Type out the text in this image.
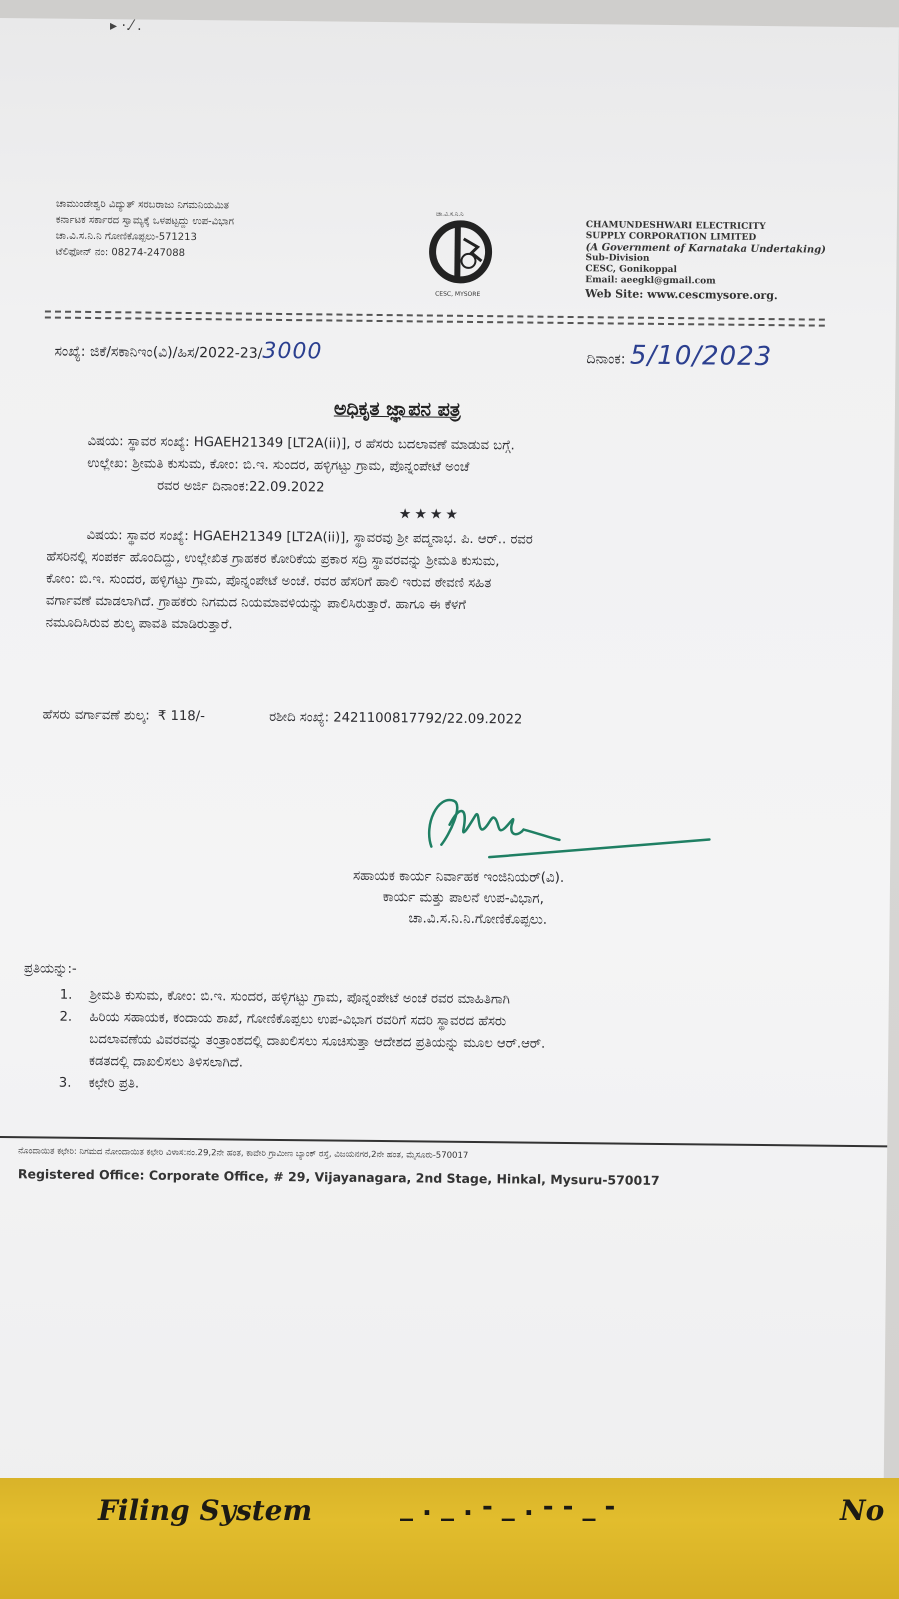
ಚಾಮುಂಡೇಶ್ವರಿ ವಿದ್ಯುತ್ ಸರಬರಾಜು ನಿಗಮನಿಯಮಿತ
ಕರ್ನಾಟಕ ಸರ್ಕಾರದ ಸ್ವಾಮ್ಯಕ್ಕೆ ಒಳಪಟ್ಟದ್ದು ಉಪ-ವಿಭಾಗ
ಚಾ.ವಿ.ಸ.ನಿ.ನಿ ಗೋಣಿಕೊಪ್ಪಲು-571213
ಟೆಲಿಫೋನ್ ನಂ: 08274-247088
ಚಾ.ವಿ.ಸ.ನಿ.ನಿ
CESC, MYSORE
CHAMUNDESHWARI ELECTRICITY
SUPPLY CORPORATION LIMITED
(A Government of Karnataka Undertaking)
Sub-Division
CESC, Gonikoppal
Email: aeegkl@gmail.com
Web Site: www.cescmysore.org.
ಸಂಖ್ಯೆ: ಜಿಕೆ/ಸಕಾನಿಇಂ(ವಿ)/ಹಿಸ/2022-23/3000	ದಿನಾಂಕ: 5/10/2023
ಅಧಿಕೃತ ಜ್ಞಾಪನ ಪತ್ರ
ವಿಷಯ: ಸ್ಥಾವರ ಸಂಖ್ಯೆ: HGAEH21349 [LT2A(ii)], ರ ಹೆಸರು ಬದಲಾವಣೆ ಮಾಡುವ ಬಗ್ಗೆ.
ಉಲ್ಲೇಖ: ಶ್ರೀಮತಿ ಕುಸುಮ, ಕೋಂ: ಬಿ.ಇ. ಸುಂದರ, ಹಳ್ಳಿಗಟ್ಟು ಗ್ರಾಮ, ಪೊನ್ನಂಪೇಟೆ ಅಂಚೆ
ರವರ ಅರ್ಜಿ ದಿನಾಂಕ:22.09.2022
★★★★
ವಿಷಯ: ಸ್ಥಾವರ ಸಂಖ್ಯೆ: HGAEH21349 [LT2A(ii)], ಸ್ಥಾವರವು ಶ್ರೀ ಪದ್ಮನಾಭ. ಪಿ. ಆರ್.. ರವರ
ಹೆಸರಿನಲ್ಲಿ ಸಂಪರ್ಕ ಹೊಂದಿದ್ದು, ಉಲ್ಲೇಖಿತ ಗ್ರಾಹಕರ ಕೋರಿಕೆಯ ಪ್ರಕಾರ ಸದ್ರಿ ಸ್ಥಾವರವನ್ನು ಶ್ರೀಮತಿ ಕುಸುಮ,
ಕೋಂ: ಬಿ.ಇ. ಸುಂದರ, ಹಳ್ಳಿಗಟ್ಟು ಗ್ರಾಮ, ಪೊನ್ನಂಪೇಟೆ ಅಂಚೆ. ರವರ ಹೆಸರಿಗೆ ಹಾಲಿ ಇರುವ ಠೇವಣಿ ಸಹಿತ
ವರ್ಗಾವಣೆ ಮಾಡಲಾಗಿದೆ. ಗ್ರಾಹಕರು ನಿಗಮದ ನಿಯಮಾವಳಿಯನ್ನು ಪಾಲಿಸಿರುತ್ತಾರೆ. ಹಾಗೂ ಈ ಕೆಳಗೆ
ನಮೂದಿಸಿರುವ ಶುಲ್ಕ ಪಾವತಿ ಮಾಡಿರುತ್ತಾರೆ.
ಹೆಸರು ವರ್ಗಾವಣೆ ಶುಲ್ಕ: ₹ 118/-	ರಶೀದಿ ಸಂಖ್ಯೆ: 2421100817792/22.09.2022
ಸಹಾಯಕ ಕಾರ್ಯ ನಿರ್ವಾಹಕ ಇಂಜಿನಿಯರ್(ವಿ).
ಕಾರ್ಯ ಮತ್ತು ಪಾಲನೆ ಉಪ-ವಿಭಾಗ,
ಚಾ.ವಿ.ಸ.ನಿ.ನಿ.ಗೋಣಿಕೊಪ್ಪಲು.
ಪ್ರತಿಯನ್ನು:-
1. ಶ್ರೀಮತಿ ಕುಸುಮ, ಕೋಂ: ಬಿ.ಇ. ಸುಂದರ, ಹಳ್ಳಿಗಟ್ಟು ಗ್ರಾಮ, ಪೊನ್ನಂಪೇಟೆ ಅಂಚೆ ರವರ ಮಾಹಿತಿಗಾಗಿ
2. ಹಿರಿಯ ಸಹಾಯಕ, ಕಂದಾಯ ಶಾಖೆ, ಗೋಣಿಕೊಪ್ಪಲು ಉಪ-ವಿಭಾಗ ರವರಿಗೆ ಸದರಿ ಸ್ಥಾವರದ ಹೆಸರು
ಬದಲಾವಣೆಯ ವಿವರವನ್ನು ತಂತ್ರಾಂಶದಲ್ಲಿ ದಾಖಲಿಸಲು ಸೂಚಿಸುತ್ತಾ ಆದೇಶದ ಪ್ರತಿಯನ್ನು ಮೂಲ ಆರ್.ಆರ್.
ಕಡತದಲ್ಲಿ ದಾಖಲಿಸಲು ತಿಳಿಸಲಾಗಿದೆ.
3. ಕಛೇರಿ ಪ್ರತಿ.
ನೊಂದಾಯಿತ ಕಛೇರಿ: ನಿಗಮದ ನೋಂದಾಯಿತ ಕಛೇರಿ ವಿಳಾಸ:ನಂ.29,2ನೇ ಹಂತ, ಕಾವೇರಿ ಗ್ರಾಮೀಣ ಬ್ಯಾಂಕ್ ರಸ್ತೆ, ವಿಜಯನಗರ,2ನೇ ಹಂತ, ಮೈಸೂರು-570017
Registered Office: Corporate Office, # 29, Vijayanagara, 2nd Stage, Hinkal, Mysuru-570017
▸ ·.⁄ .
Filing System	_ . _ . - _ . - - _ -	No
